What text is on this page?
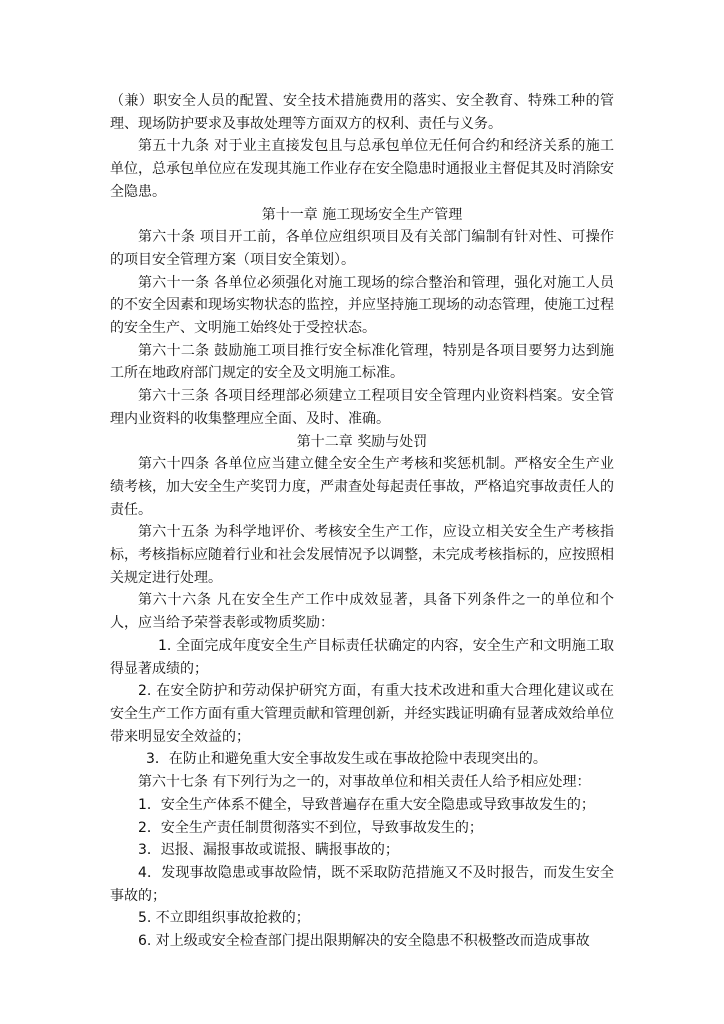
（兼）职安全人员的配置、安全技术措施费用的落实、安全教育、特殊工种的管理、现场防护要求及事故处理等方面双方的权利、责任与义务。

第五十九条 对于业主直接发包且与总承包单位无任何合约和经济关系的施工单位，总承包单位应在发现其施工作业存在安全隐患时通报业主督促其及时消除安全隐患。

第十一章 施工现场安全生产管理

第六十条 项目开工前，各单位应组织项目及有关部门编制有针对性、可操作的项目安全管理方案（项目安全策划）。

第六十一条 各单位必须强化对施工现场的综合整治和管理，强化对施工人员的不安全因素和现场实物状态的监控，并应坚持施工现场的动态管理，使施工过程的安全生产、文明施工始终处于受控状态。

第六十二条 鼓励施工项目推行安全标准化管理，特别是各项目要努力达到施工所在地政府部门规定的安全及文明施工标准。

第六十三条 各项目经理部必须建立工程项目安全管理内业资料档案。安全管理内业资料的收集整理应全面、及时、准确。

第十二章 奖励与处罚

第六十四条 各单位应当建立健全安全生产考核和奖惩机制。严格安全生产业绩考核，加大安全生产奖罚力度，严肃查处每起责任事故，严格追究事故责任人的责任。

第六十五条 为科学地评价、考核安全生产工作，应设立相关安全生产考核指标，考核指标应随着行业和社会发展情况予以调整，未完成考核指标的，应按照相关规定进行处理。

第六十六条 凡在安全生产工作中成效显著，具备下列条件之一的单位和个人，应当给予荣誉表彰或物质奖励：

1. 全面完成年度安全生产目标责任状确定的内容，安全生产和文明施工取得显著成绩的；

2. 在安全防护和劳动保护研究方面，有重大技术改进和重大合理化建议或在安全生产工作方面有重大管理贡献和管理创新，并经实践证明确有显著成效给单位带来明显安全效益的；

3．在防止和避免重大安全事故发生或在事故抢险中表现突出的。

第六十七条 有下列行为之一的，对事故单位和相关责任人给予相应处理：

1．安全生产体系不健全，导致普遍存在重大安全隐患或导致事故发生的；

2．安全生产责任制贯彻落实不到位，导致事故发生的；

3．迟报、漏报事故或谎报、瞒报事故的；

4．发现事故隐患或事故险情，既不采取防范措施又不及时报告，而发生安全事故的；

5. 不立即组织事故抢救的；

6. 对上级或安全检查部门提出限期解决的安全隐患不积极整改而造成事故
